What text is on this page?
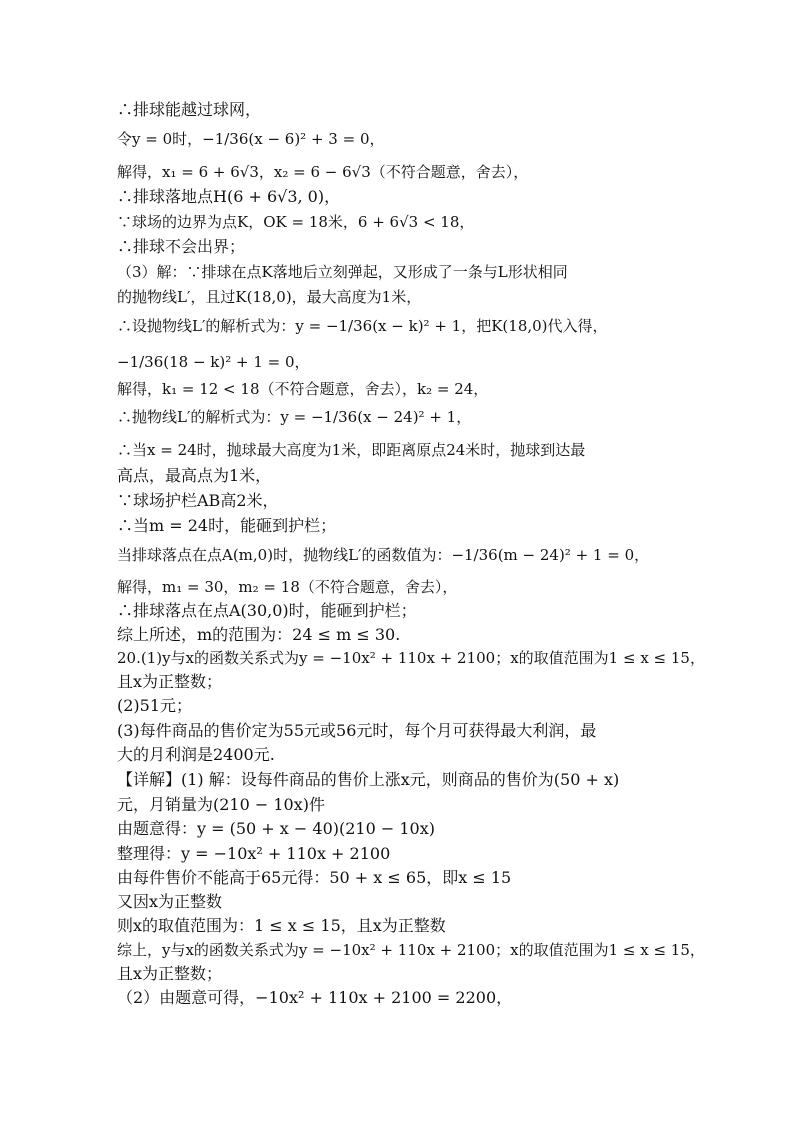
∴排球能越过球网，
令y = 0时，−1/36(x − 6)² + 3 = 0，
解得，x₁ = 6 + 6√3，x₂ = 6 − 6√3（不符合题意，舍去），
∴排球落地点H(6 + 6√3, 0)，
∵球场的边界为点K，OK = 18米，6 + 6√3 < 18，
∴排球不会出界；
（3）解：∵排球在点K落地后立刻弹起，又形成了一条与L形状相同
的抛物线L′，且过K(18,0)，最大高度为1米，
∴设抛物线L′的解析式为：y = −1/36(x − k)² + 1，把K(18,0)代入得，
−1/36(18 − k)² + 1 = 0，
解得，k₁ = 12 < 18（不符合题意，舍去），k₂ = 24，
∴抛物线L′的解析式为：y = −1/36(x − 24)² + 1，
∴当x = 24时，抛球最大高度为1米，即距离原点24米时，抛球到达最
高点，最高点为1米，
∵球场护栏AB高2米，
∴当m = 24时，能砸到护栏；
当排球落点在点A(m,0)时，抛物线L′的函数值为：−1/36(m − 24)² + 1 = 0，
解得，m₁ = 30，m₂ = 18（不符合题意，舍去），
∴排球落点在点A(30,0)时，能砸到护栏；
综上所述，m的范围为：24 ≤ m ≤ 30.
20.(1)y与x的函数关系式为y = −10x² + 110x + 2100；x的取值范围为1 ≤ x ≤ 15，
且x为正整数；
(2)51元；
(3)每件商品的售价定为55元或56元时，每个月可获得最大利润，最
大的月利润是2400元.
【详解】(1) 解：设每件商品的售价上涨x元，则商品的售价为(50 + x)
元，月销量为(210 − 10x)件
由题意得：y = (50 + x − 40)(210 − 10x)
整理得：y = −10x² + 110x + 2100
由每件售价不能高于65元得：50 + x ≤ 65，即x ≤ 15
又因x为正整数
则x的取值范围为：1 ≤ x ≤ 15，且x为正整数
综上，y与x的函数关系式为y = −10x² + 110x + 2100；x的取值范围为1 ≤ x ≤ 15，
且x为正整数；
（2）由题意可得，−10x² + 110x + 2100 = 2200，
